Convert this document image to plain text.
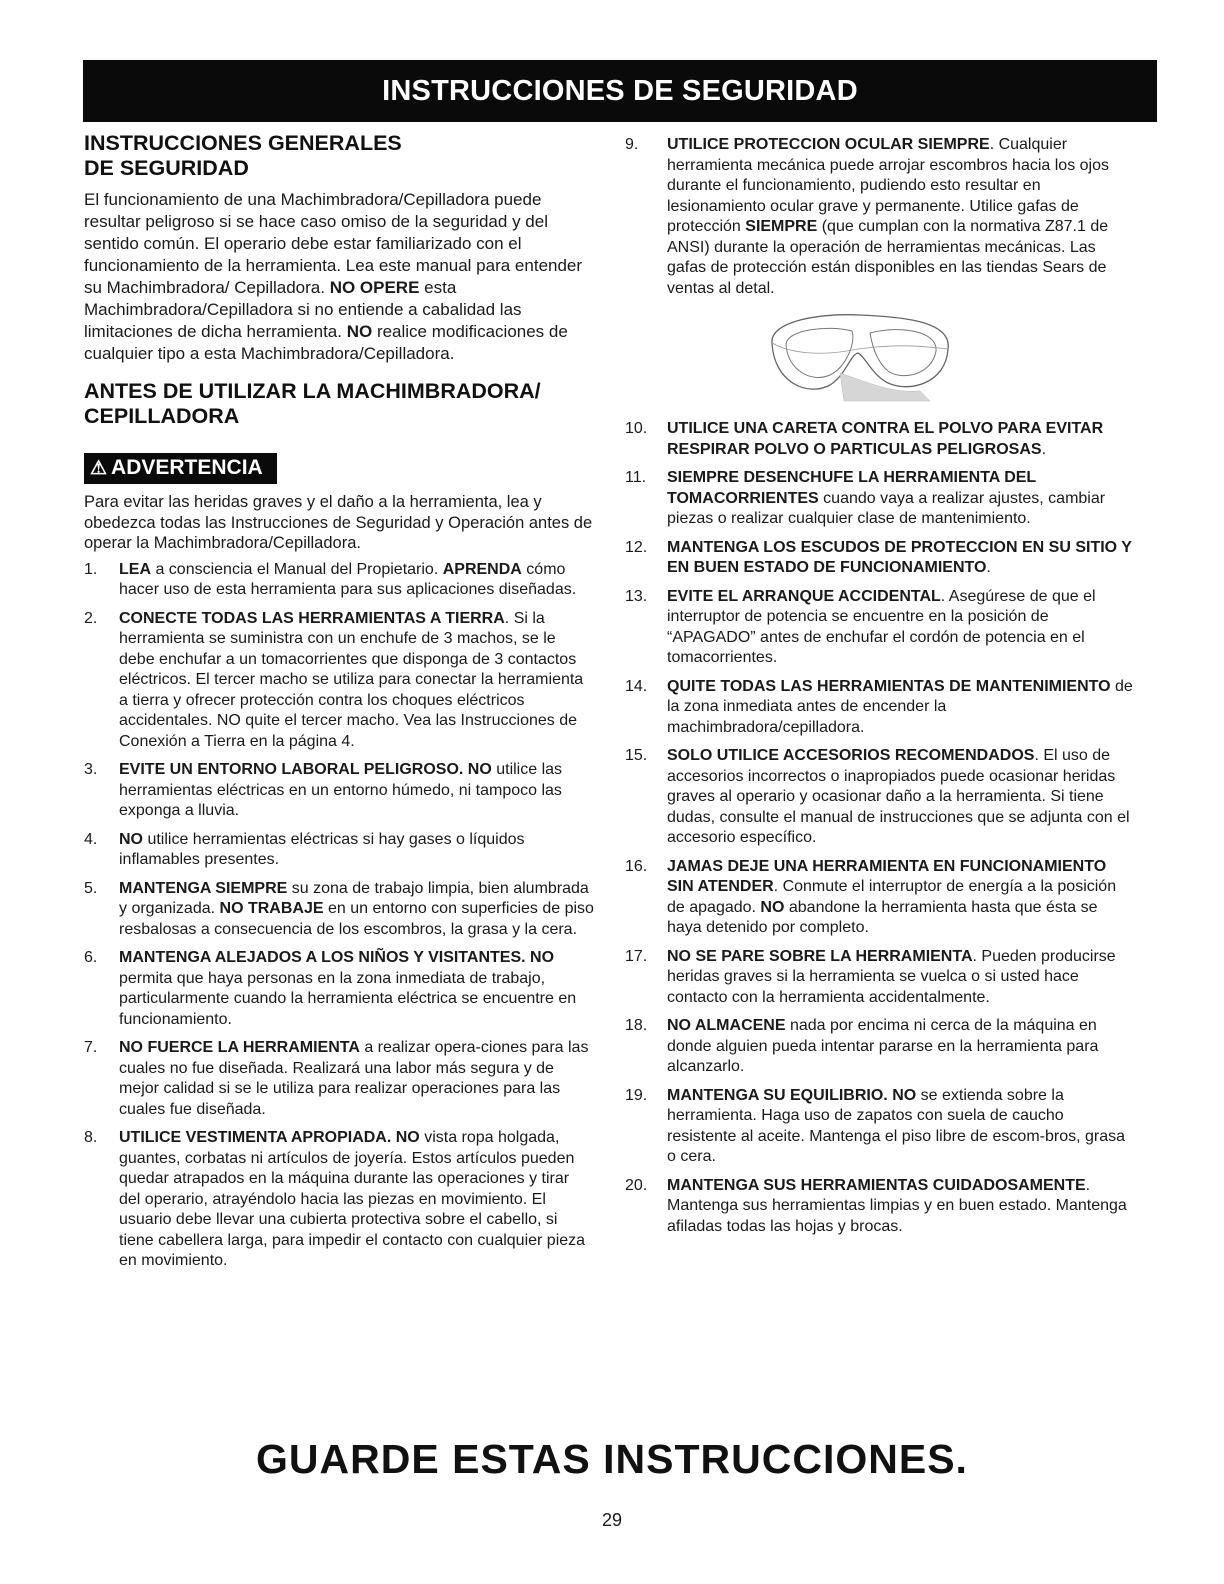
INSTRUCCIONES DE SEGURIDAD
INSTRUCCIONES GENERALES
DE SEGURIDAD

El funcionamiento de una Machimbradora/Cepilladora puede resultar peligroso si se hace caso omiso de la seguridad y del sentido común. El operario debe estar familiarizado con el funcionamiento de la herramienta. Lea este manual para entender su Machimbradora/ Cepilladora. NO OPERE esta Machimbradora/Cepilladora si no entiende a cabalidad las limitaciones de dicha herramienta. NO realice modificaciones de cualquier tipo a esta Machimbradora/Cepilladora.

ANTES DE UTILIZAR LA MACHIMBRADORA/
CEPILLADORA
⚠ ADVERTENCIA

Para evitar las heridas graves y el daño a la herramienta, lea y obedezca todas las Instrucciones de Seguridad y Operación antes de operar la Machimbradora/Cepilladora.

1.	LEA a consciencia el Manual del Propietario. APRENDA cómo hacer uso de esta herramienta para sus aplicaciones diseñadas.
2.	CONECTE TODAS LAS HERRAMIENTAS A TIERRA. Si la herramienta se suministra con un enchufe de 3 machos, se le debe enchufar a un tomacorrientes que disponga de 3 contactos eléctricos. El tercer macho se utiliza para conectar la herramienta a tierra y ofrecer protección contra los choques eléctricos accidentales. NO quite el tercer macho. Vea las Instrucciones de Conexión a Tierra en la página 4.
3.	EVITE UN ENTORNO LABORAL PELIGROSO. NO utilice las herramientas eléctricas en un entorno húmedo, ni tampoco las exponga a lluvia.
4.	NO utilice herramientas eléctricas si hay gases o líquidos inflamables presentes.
5.	MANTENGA SIEMPRE su zona de trabajo limpia, bien alumbrada y organizada. NO TRABAJE en un entorno con superficies de piso resbalosas a consecuencia de los escombros, la grasa y la cera.
6.	MANTENGA ALEJADOS A LOS NIÑOS Y VISITANTES. NO permita que haya personas en la zona inmediata de trabajo, particularmente cuando la herramienta eléctrica se encuentre en funcionamiento.
7.	NO FUERCE LA HERRAMIENTA a realizar opera-ciones para las cuales no fue diseñada. Realizará una labor más segura y de mejor calidad si se le utiliza para realizar operaciones para las cuales fue diseñada.
8.	UTILICE VESTIMENTA APROPIADA. NO vista ropa holgada, guantes, corbatas ni artículos de joyería. Estos artículos pueden quedar atrapados en la máquina durante las operaciones y tirar del operario, atrayéndolo hacia las piezas en movimiento. El usuario debe llevar una cubierta protectiva sobre el cabello, si tiene cabellera larga, para impedir el contacto con cualquier pieza en movimiento.
9.	UTILICE PROTECCION OCULAR SIEMPRE. Cualquier herramienta mecánica puede arrojar escombros hacia los ojos durante el funcionamiento, pudiendo esto resultar en lesionamiento ocular grave y permanente. Utilice gafas de protección SIEMPRE (que cumplan con la normativa Z87.1 de ANSI) durante la operación de herramientas mecánicas. Las gafas de protección están disponibles en las tiendas Sears de ventas al detal.
10.	UTILICE UNA CARETA CONTRA EL POLVO PARA EVITAR RESPIRAR POLVO O PARTICULAS PELIGROSAS.
11.	SIEMPRE DESENCHUFE LA HERRAMIENTA DEL TOMACORRIENTES cuando vaya a realizar ajustes, cambiar piezas o realizar cualquier clase de mantenimiento.
12.	MANTENGA LOS ESCUDOS DE PROTECCION EN SU SITIO Y EN BUEN ESTADO DE FUNCIONAMIENTO.
13.	EVITE EL ARRANQUE ACCIDENTAL. Asegúrese de que el interruptor de potencia se encuentre en la posición de “APAGADO” antes de enchufar el cordón de potencia en el tomacorrientes.
14.	QUITE TODAS LAS HERRAMIENTAS DE MANTENIMIENTO de la zona inmediata antes de encender la machimbradora/cepilladora.
15.	SOLO UTILICE ACCESORIOS RECOMENDADOS. El uso de accesorios incorrectos o inapropiados puede ocasionar heridas graves al operario y ocasionar daño a la herramienta. Si tiene dudas, consulte el manual de instrucciones que se adjunta con el accesorio específico.
16.	JAMAS DEJE UNA HERRAMIENTA EN FUNCIONAMIENTO SIN ATENDER. Conmute el interruptor de energía a la posición de apagado. NO abandone la herramienta hasta que ésta se haya detenido por completo.
17.	NO SE PARE SOBRE LA HERRAMIENTA. Pueden producirse heridas graves si la herramienta se vuelca o si usted hace contacto con la herramienta accidentalmente.
18.	NO ALMACENE nada por encima ni cerca de la máquina en donde alguien pueda intentar pararse en la herramienta para alcanzarlo.
19.	MANTENGA SU EQUILIBRIO. NO se extienda sobre la herramienta. Haga uso de zapatos con suela de caucho resistente al aceite. Mantenga el piso libre de escom-bros, grasa o cera.
20.	MANTENGA SUS HERRAMIENTAS CUIDADOSAMENTE. Mantenga sus herramientas limpias y en buen estado. Mantenga afiladas todas las hojas y brocas.
GUARDE ESTAS INSTRUCCIONES.
29
